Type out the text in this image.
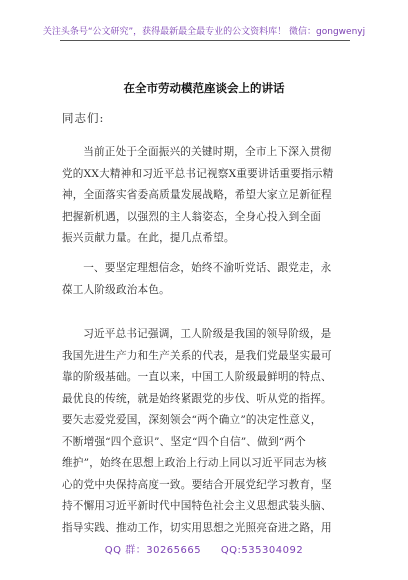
关注头条号“公文研究”，获得最新最全最专业的公文资料库！ 微信：gongwenyj
在全市劳动模范座谈会上的讲话
同志们:
当前正处于全面振兴的关键时期，全市上下深入贯彻
党的XX大精神和习近平总书记视察X重要讲话重要指示精
神，全面落实省委高质量发展战略，希望大家立足新征程
把握新机遇，以强烈的主人翁姿态，全身心投入到全面
振兴贡献力量。在此，提几点希望。
一、要坚定理想信念，始终不渝听党话、跟党走，永
葆工人阶级政治本色。
习近平总书记强调，工人阶级是我国的领导阶级，是
我国先进生产力和生产关系的代表，是我们党最坚实最可
靠的阶级基础。一直以来，中国工人阶级最鲜明的特点、
最优良的传统，就是始终紧跟党的步伐、听从党的指挥。
要矢志爱党爱国，深刻领会“两个确立”的决定性意义，
不断增强“四个意识”、坚定“四个自信”、做到“两个
维护”，始终在思想上政治上行动上同以习近平同志为核
心的党中央保持高度一致。要结合开展党纪学习教育，坚
持不懈用习近平新时代中国特色社会主义思想武装头脑、
指导实践、推动工作，切实用思想之光照亮奋进之路，用
QQ 群：30265665 QQ:535304092
